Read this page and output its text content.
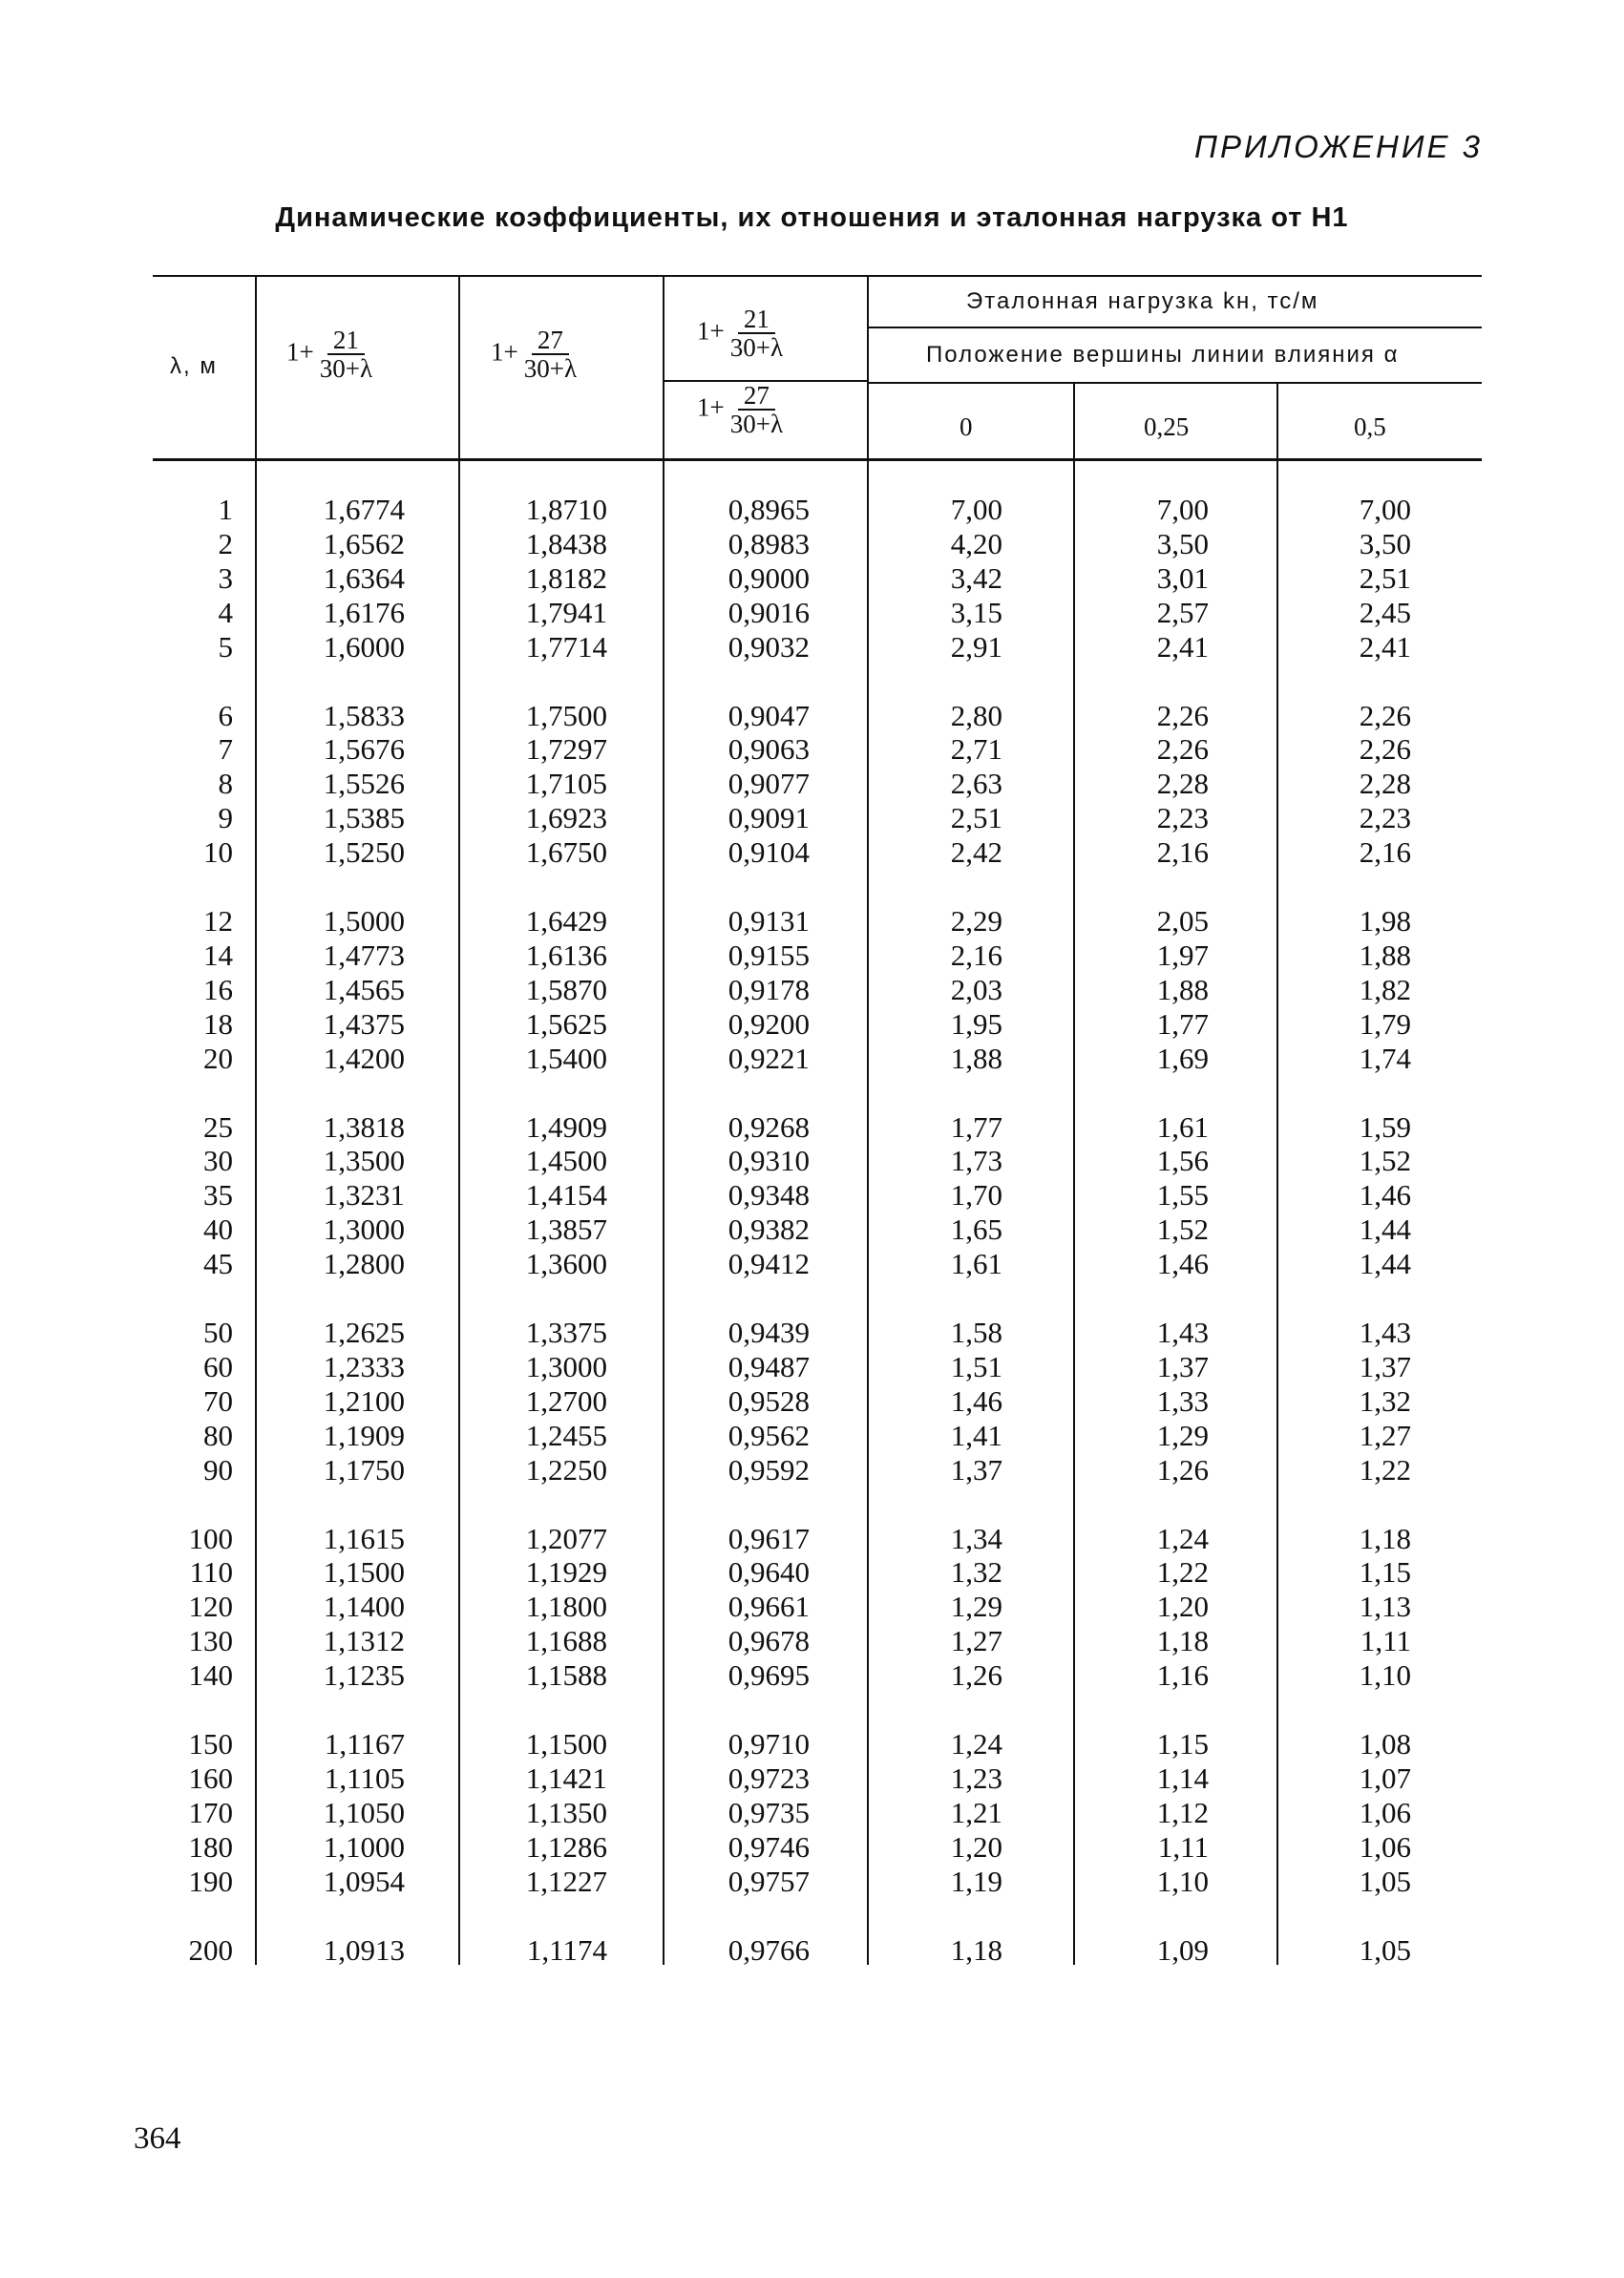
ПРИЛОЖЕНИЕ 3
Динамические коэффициенты, их отношения и эталонная нагрузка от Н1
λ, м	$1+ \frac{21}{30+\lambda}$	$1+ \frac{27}{30+\lambda}$	$1+ \frac{21}{30+\lambda}$
$1+ \frac{27}{30+\lambda}$
Эталонная нагрузка kн, тс/м
Положение вершины линии влияния α
0	0,25	0,5
1	1,6774	1,8710	0,8965	7,00	7,00	7,00
2	1,6562	1,8438	0,8983	4,20	3,50	3,50
3	1,6364	1,8182	0,9000	3,42	3,01	2,51
4	1,6176	1,7941	0,9016	3,15	2,57	2,45
5	1,6000	1,7714	0,9032	2,91	2,41	2,41
6	1,5833	1,7500	0,9047	2,80	2,26	2,26
7	1,5676	1,7297	0,9063	2,71	2,26	2,26
8	1,5526	1,7105	0,9077	2,63	2,28	2,28
9	1,5385	1,6923	0,9091	2,51	2,23	2,23
10	1,5250	1,6750	0,9104	2,42	2,16	2,16
12	1,5000	1,6429	0,9131	2,29	2,05	1,98
14	1,4773	1,6136	0,9155	2,16	1,97	1,88
16	1,4565	1,5870	0,9178	2,03	1,88	1,82
18	1,4375	1,5625	0,9200	1,95	1,77	1,79
20	1,4200	1,5400	0,9221	1,88	1,69	1,74
25	1,3818	1,4909	0,9268	1,77	1,61	1,59
30	1,3500	1,4500	0,9310	1,73	1,56	1,52
35	1,3231	1,4154	0,9348	1,70	1,55	1,46
40	1,3000	1,3857	0,9382	1,65	1,52	1,44
45	1,2800	1,3600	0,9412	1,61	1,46	1,44
50	1,2625	1,3375	0,9439	1,58	1,43	1,43
60	1,2333	1,3000	0,9487	1,51	1,37	1,37
70	1,2100	1,2700	0,9528	1,46	1,33	1,32
80	1,1909	1,2455	0,9562	1,41	1,29	1,27
90	1,1750	1,2250	0,9592	1,37	1,26	1,22
100	1,1615	1,2077	0,9617	1,34	1,24	1,18
110	1,1500	1,1929	0,9640	1,32	1,22	1,15
120	1,1400	1,1800	0,9661	1,29	1,20	1,13
130	1,1312	1,1688	0,9678	1,27	1,18	1,11
140	1,1235	1,1588	0,9695	1,26	1,16	1,10
150	1,1167	1,1500	0,9710	1,24	1,15	1,08
160	1,1105	1,1421	0,9723	1,23	1,14	1,07
170	1,1050	1,1350	0,9735	1,21	1,12	1,06
180	1,1000	1,1286	0,9746	1,20	1,11	1,06
190	1,0954	1,1227	0,9757	1,19	1,10	1,05
200	1,0913	1,1174	0,9766	1,18	1,09	1,05
364
